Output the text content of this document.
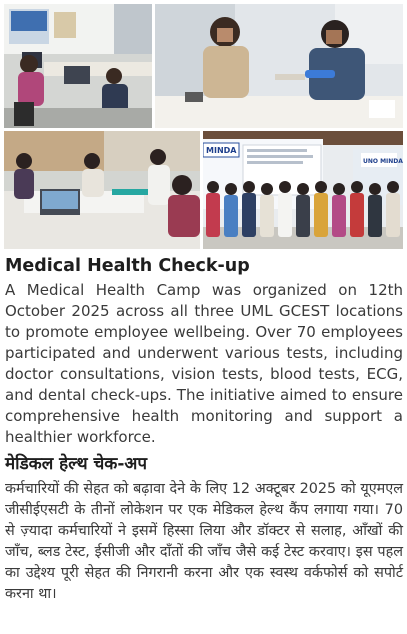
MINDA
UNO MINDA
Medical Health Check-up

A Medical Health Camp was organized on 12th October 2025 across all three UML GCEST locations to promote employee wellbeing. Over 70 employees participated and underwent various tests, including doctor consultations, vision tests, blood tests, ECG, and dental check-ups. The initiative aimed to ensure comprehensive health monitoring and support a healthier workforce.

मेडिकल हेल्थ चेक-अप

कर्मचारियों की सेहत को बढ़ावा देने के लिए 12 अक्टूबर 2025 को यूएमएल जीसीईएसटी के तीनों लोकेशन पर एक मेडिकल हेल्थ कैंप लगाया गया। 70 से ज़्यादा कर्मचारियों ने इसमें हिस्सा लिया और डॉक्टर से सलाह, आँखों की जाँच, ब्लड टेस्ट, ईसीजी और दाँतों की जाँच जैसे कई टेस्ट करवाए। इस पहल का उद्देश्य पूरी सेहत की निगरानी करना और एक स्वस्थ वर्कफोर्स को सपोर्ट करना था।
